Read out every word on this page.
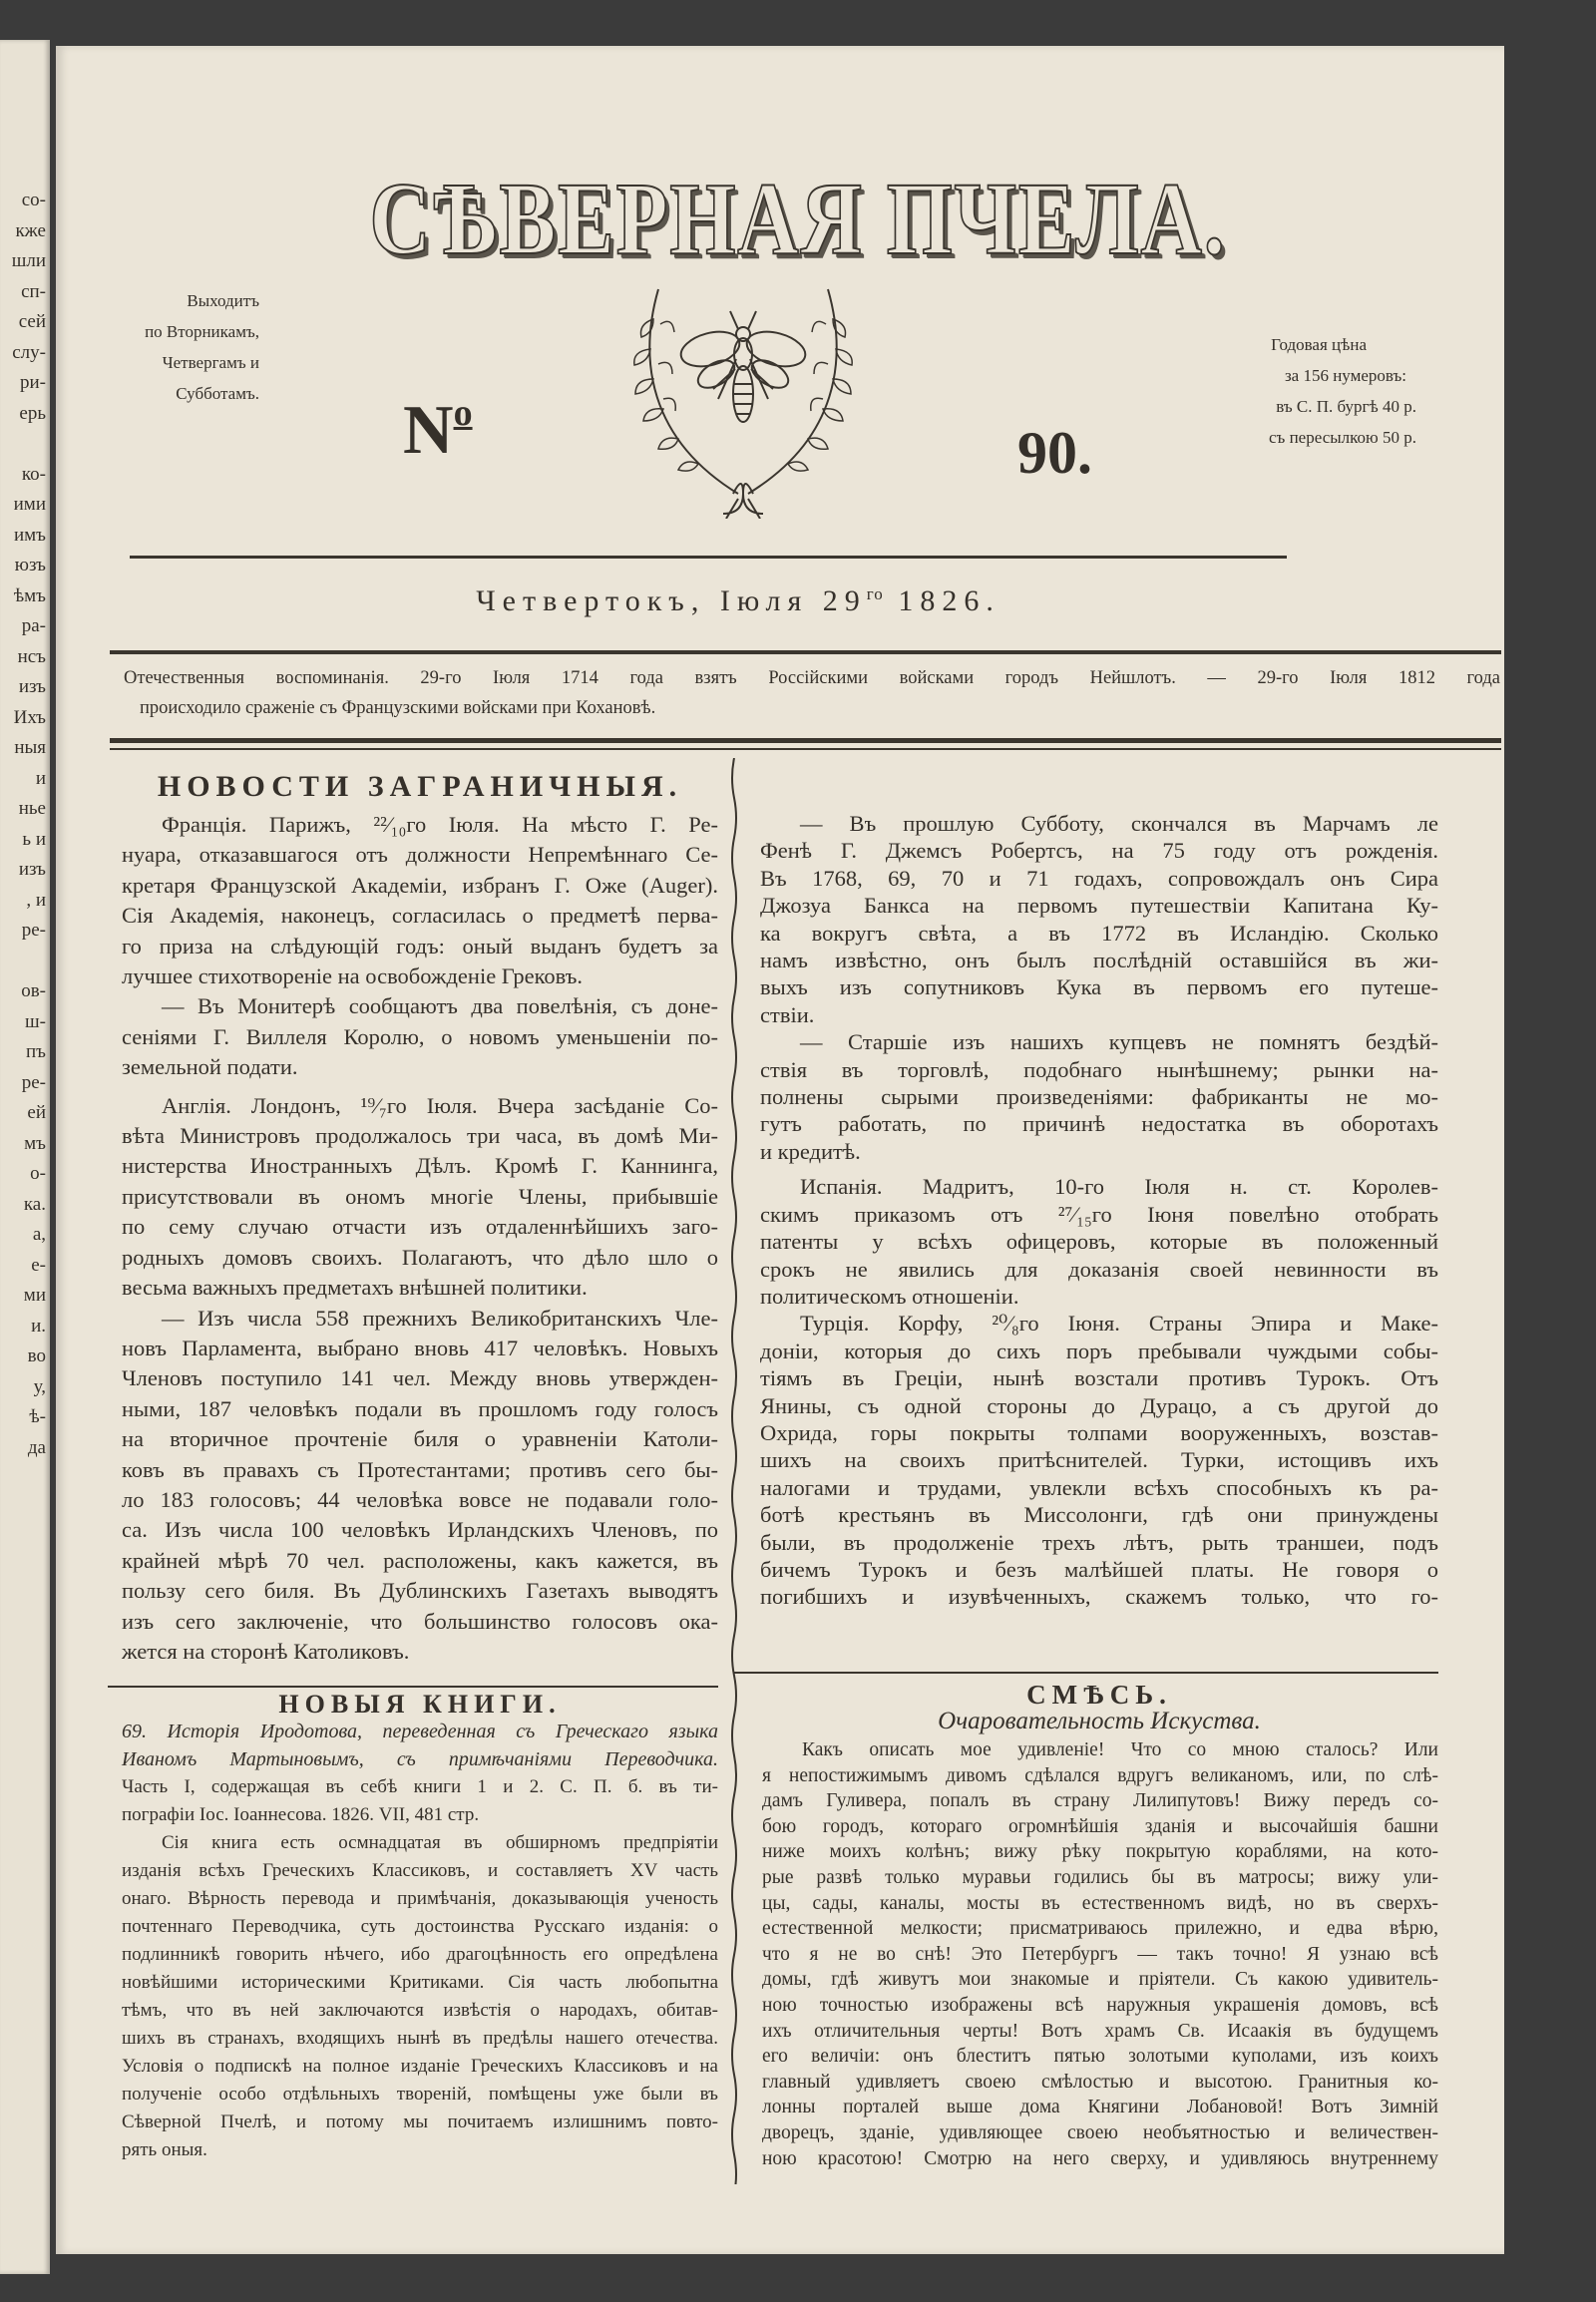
со-
кже
шли
сп-
сей
слу-
ри-
ерь
ко-
ими
имъ
юзъ
ѣмъ
ра-
нсъ
изъ
Ихъ
ныя
и
нье
ь и
изъ
, и
ре-
ов-
ш-
пъ
ре-
ей
мъ
о-
ка.
а,
е-
ми
и.
во
у,
ѣ-
да
СѢВЕРНАЯ ПЧЕЛА.
Выходитъ
по Вторникамъ,
Четвергамъ и
Субботамъ. $N^о$
90.
Годовая цѣна
за 156 нумеровъ:
въ С. П. бургѣ 40 р.
съ пересылкою 50 р.
Четвертокъ, Іюля $29^{го}$ 1826.
Отечественныя воспоминанія. 29-го Іюля 1714 года взятъ Россійскими войсками городъ Нейшлотъ. — 29-го Іюля 1812 года
происходило сраженіе съ Французскими войсками при Кохановѣ.
НОВОСТИ ЗАГРАНИЧНЫЯ.
Франція. Парижъ, ²²⁄₁₀го Іюля. На мѣсто Г. Ре-
нуара, отказавшагося отъ должности Непремѣннаго Се-
кретаря Французской Академіи, избранъ Г. Оже (Auger).
Сія Академія, наконецъ, согласилась о предметѣ перва-
го приза на слѣдующій годъ: оный выданъ будетъ за
лучшее стихотвореніе на освобожденіе Грековъ.
— Въ Монитерѣ сообщаютъ два повелѣнія, съ доне-
сеніями Г. Виллеля Королю, о новомъ уменьшеніи по-
земельной подати.
Англія. Лондонъ, ¹⁹⁄₇го Іюля. Вчера засѣданіе Со-
вѣта Министровъ продолжалось три часа, въ домѣ Ми-
нистерства Иностранныхъ Дѣлъ. Кромѣ Г. Каннинга,
присутствовали въ ономъ многіе Члены, прибывшіе
по сему случаю отчасти изъ отдаленнѣйшихъ заго-
родныхъ домовъ своихъ. Полагаютъ, что дѣло шло о
весьма важныхъ предметахъ внѣшней политики.
— Изъ числа 558 прежнихъ Великобританскихъ Чле-
новъ Парламента, выбрано вновь 417 человѣкъ. Новыхъ
Членовъ поступило 141 чел. Между вновь утвержден-
ными, 187 человѣкъ подали въ прошломъ году голосъ
на вторичное прочтеніе биля о уравненіи Католи-
ковъ въ правахъ съ Протестантами; противъ сего бы-
ло 183 голосовъ; 44 человѣка вовсе не подавали голо-
са. Изъ числа 100 человѣкъ Ирландскихъ Членовъ, по
крайней мѣрѣ 70 чел. расположены, какъ кажется, въ
пользу сего биля. Въ Дублинскихъ Газетахъ выводятъ
изъ сего заключеніе, что большинство голосовъ ока-
жется на сторонѣ Католиковъ.
НОВЫЯ КНИГИ.
69. Исторія Иродотова, переведенная съ Греческаго языка
Иваномъ Мартыновымъ, съ примѣчаніями Переводчика.
Часть I, содержащая въ себѣ книги 1 и 2. С. П. б. въ ти-
пографіи Іос. Іоаннесова. 1826. VII, 481 стр.
Сія книга есть осмнадцатая въ обширномъ предпріятіи
изданія всѣхъ Греческихъ Классиковъ, и составляетъ XV часть
онаго. Вѣрность перевода и примѣчанія, доказывающія ученость
почтеннаго Переводчика, суть достоинства Русскаго изданія: о
подлинникѣ говорить нѣчего, ибо драгоцѣнность его опредѣлена
новѣйшими историческими Критиками. Сія часть любопытна
тѣмъ, что въ ней заключаются извѣстія о народахъ, обитав-
шихъ въ странахъ, входящихъ нынѣ въ предѣлы нашего отечества.
Условія о подпискѣ на полное изданіе Греческихъ Классиковъ и на
полученіе особо отдѣльныхъ твореній, помѣщены уже были въ
Сѣверной Пчелѣ, и потому мы почитаемъ излишнимъ повто-
рять оныя.
— Въ прошлую Субботу, скончался въ Марчамъ ле
Фенѣ Г. Джемсъ Робертсъ, на 75 году отъ рожденія.
Въ 1768, 69, 70 и 71 годахъ, сопровождалъ онъ Сира
Джозуа Банкса на первомъ путешествіи Капитана Ку-
ка вокругъ свѣта, а въ 1772 въ Исландію. Сколько
намъ извѣстно, онъ былъ послѣдній оставшійся въ жи-
выхъ изъ сопутниковъ Кука въ первомъ его путеше-
ствіи.
— Старшіе изъ нашихъ купцевъ не помнятъ бездѣй-
ствія въ торговлѣ, подобнаго нынѣшнему; рынки на-
полнены сырыми произведеніями: фабриканты не мо-
гутъ работать, по причинѣ недостатка въ оборотахъ
и кредитѣ.
Испанія. Мадритъ, 10-го Іюля н. ст. Королев-
скимъ приказомъ отъ ²⁷⁄₁₅го Іюня повелѣно отобрать
патенты у всѣхъ офицеровъ, которые въ положенный
срокъ не явились для доказанія своей невинности въ
политическомъ отношеніи.
Турція. Корфу, ²⁰⁄₈го Іюня. Страны Эпира и Маке-
доніи, которыя до сихъ поръ пребывали чуждыми собы-
тіямъ въ Греціи, нынѣ возстали противъ Турокъ. Отъ
Янины, съ одной стороны до Дурацо, а съ другой до
Охрида, горы покрыты толпами вооруженныхъ, возстав-
шихъ на своихъ притѣснителей. Турки, истощивъ ихъ
налогами и трудами, увлекли всѣхъ способныхъ къ ра-
ботѣ крестьянъ въ Миссолонги, гдѣ они принуждены
были, въ продолженіе трехъ лѣтъ, рыть траншеи, подъ
бичемъ Турокъ и безъ малѣйшей платы. Не говоря о
погибшихъ и изувѣченныхъ, скажемъ только, что го-
СМѢСЬ.
Очаровательность Искуства.
Какъ описать мое удивленіе! Что со мною сталось? Или
я непостижимымъ дивомъ сдѣлался вдругъ великаномъ, или, по слѣ-
дамъ Гуливера, попалъ въ страну Лилипутовъ! Вижу передъ со-
бою городъ, котораго огромнѣйшія зданія и высочайшія башни
ниже моихъ колѣнъ; вижу рѣку покрытую кораблями, на кото-
рые развѣ только муравьи годились бы въ матросы; вижу ули-
цы, сады, каналы, мосты въ естественномъ видѣ, но въ сверхъ-
естественной мелкости; присматриваюсь прилежно, и едва вѣрю,
что я не во снѣ! Это Петербургъ — такъ точно! Я узнаю всѣ
домы, гдѣ живутъ мои знакомые и пріятели. Съ какою удивитель-
ною точностью изображены всѣ наружныя украшенія домовъ, всѣ
ихъ отличительныя черты! Вотъ храмъ Св. Исаакія въ будущемъ
его величіи: онъ блеститъ пятью золотыми куполами, изъ коихъ
главный удивляетъ своею смѣлостью и высотою. Гранитныя ко-
лонны порталей выше дома Княгини Лобановой! Вотъ Зимній
дворецъ, зданіе, удивляющее своею необъятностью и величествен-
ною красотою! Смотрю на него сверху, и удивляюсь внутреннему
